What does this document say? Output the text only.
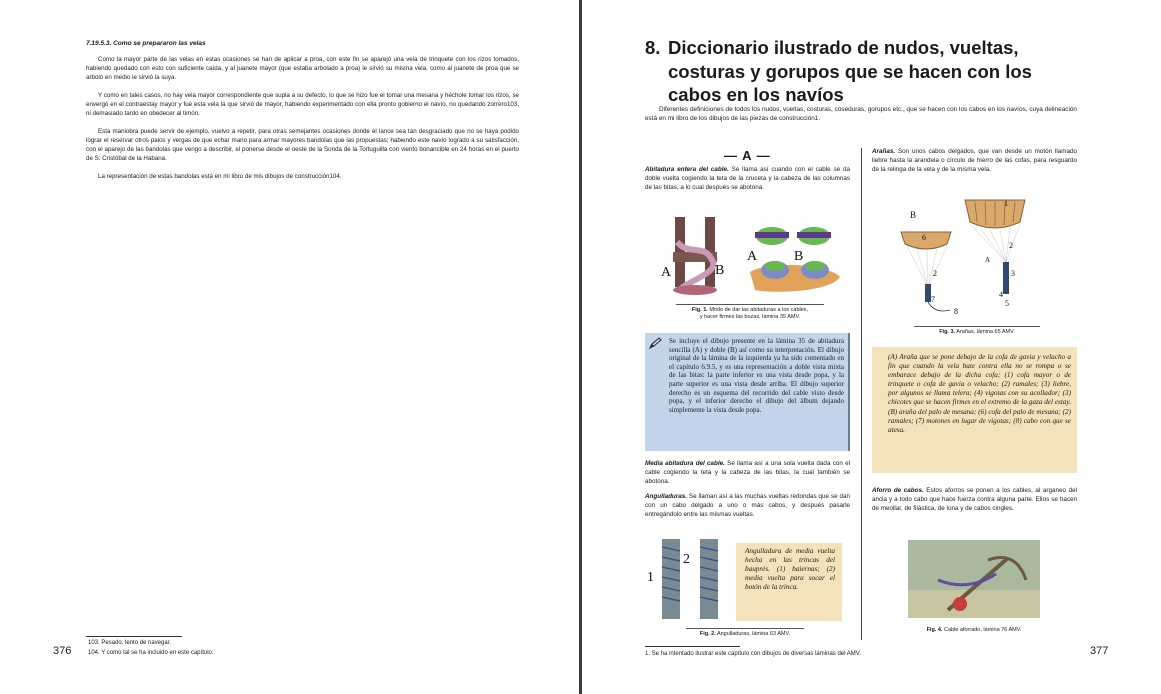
7.19.5.3. Como se prepararon las velas

Como la mayor parte de las velas en estas ocasiones se han de aplicar a proa, con este fin se aparejó una vela de trinquete con los rizos tomados, habiendo quedado con esto con suficiente caída, y al juanete mayor (que estaba arbolado a proa) le sirvió su misma vela, como al juanete de proa que se arboló en medio le sirvió la suya.

Y como en tales casos, no hay vela mayor correspondiente que supla a su defecto, lo que se hizo fue el tomar una mesana y héchole tomar los rizos, se envergó en el contraestay mayor y fue esta vela la que sirvió de mayor, habiendo experimentado con ella pronto gobierno el navío, no quedando zorrero103, ni demasiado tardo en obedecer al timón.

Esta maniobra puede servir de ejemplo, vuelvo a repetir, para otras semejantes ocasiones donde el lance sea tan desgraciado que no se haya podido lograr el reservar otros palos y vergas de que echar mano para armar mayores bandolas que las propuestas; habiendo este navío logrado a su satisfacción, con el aparejo de las bandolas que vengo a describir, el ponerse desde el oeste de la Sonda de la Tortuguilla con viento bonancible en 24 horas en el puerto de S. Cristóbal de la Habana.

La representación de estas bandolas está en mi libro de mis dibujos de construcción104.

103. Pesado, lento de navegar.
104. Y como tal se ha incluido en este capítulo.
376
8. Diccionario ilustrado de nudos, vueltas, costuras y gorupos que se hacen con los cabos en los navíos

Diferentes definiciones de todos los nudos, vueltas, costuras, coseduras, gorupos etc., que se hacen con los cabos en los navíos, cuya delineación está en mi libro de los dibujos de las piezas de construcción1.

— A —

Abitadura entera del cable. Se llama así cuando con el cable se da doble vuelta cogiendo la teta de la cruceta y la cabeza de las columnas de las bitas, a lo cual después se abotona.

A	B
A	B
Fig. 1. Modo de dar las abitaduras a los cables,
y hacer firmes las bozas, lámina 35 AMV.

Se incluye el dibujo presente en la lámina 35 de abitadura sencilla (A) y doble (B) así como su interpretación. El dibujo original de la lámina de la izquierda ya ha sido comentado en el capítulo 6.9.5, y es una representación a doble vista mixta de las bitas: la parte inferior es una vista desde popa, y la parte superior es una vista desde arriba. El dibujo superior derecho es un esquema del recorrido del cable visto desde popa, y el inferior derecho el dibujo del álbum dejando simplemente la vista desde popa.

Media abitadura del cable. Se llama así a una sola vuelta dada con el cable cogiendo la teta y la cabeza de las bitas, la cual también se abotona.

Angulladuras. Se llaman así a las muchas vueltas redondas que se dan con un cabo delgado a uno o más cabos, y después pasarle entregándolo entre las mismas vueltas.

1
2

Angulladura de media vuelta hecha en las trincas del bauprés. (1) baiernas; (2) media vuelta para socar el botón de la trinca.

Fig. 2. Angulladuras, lámina 63 AMV.

Arañas. Son unos cabos delgados, que van desde un motón llamado liebre hasta la arandela o círculo de hierro de las cofas, para resguardo de la relinga de la vela y de la mísma vela.

B
6
1
A
2
3
4
5
2
7
8
Fig. 3. Arañas, lámina 65 AMV.

(A) Araña que se pone debajo de la cofa de gavia y velacho a fin que cuando la vela bate contra ella no se rompa o se embarace debajo de la dicha cofa; (1) cofa mayor o de trinquete o cofa de gavia o velacho; (2) ramales; (3) liebre, por algunos se llama telera; (4) vigotas con su acollador; (3) chicotes que se hacen firmes en el extremo de la gaza del estay. (B) araña del palo de mesana; (6) cofa del palo de mesana; (2) ramales; (7) motones en lugar de vigotas; (8) cabo con que se atesa.

Aforro de cabos. Estos aforros se ponen a los cables, al arganeo del ancla y a todo cabo que hace fuerza contra alguna parte. Ellos se hacen de meollar, de filástica, de lona y de cabos cingles.

Fig. 4. Cable aforrado, lámina 76 AMV.
1. Se ha intentado ilustrar este capítulo con dibujos de diversas láminas del AMV.	377
